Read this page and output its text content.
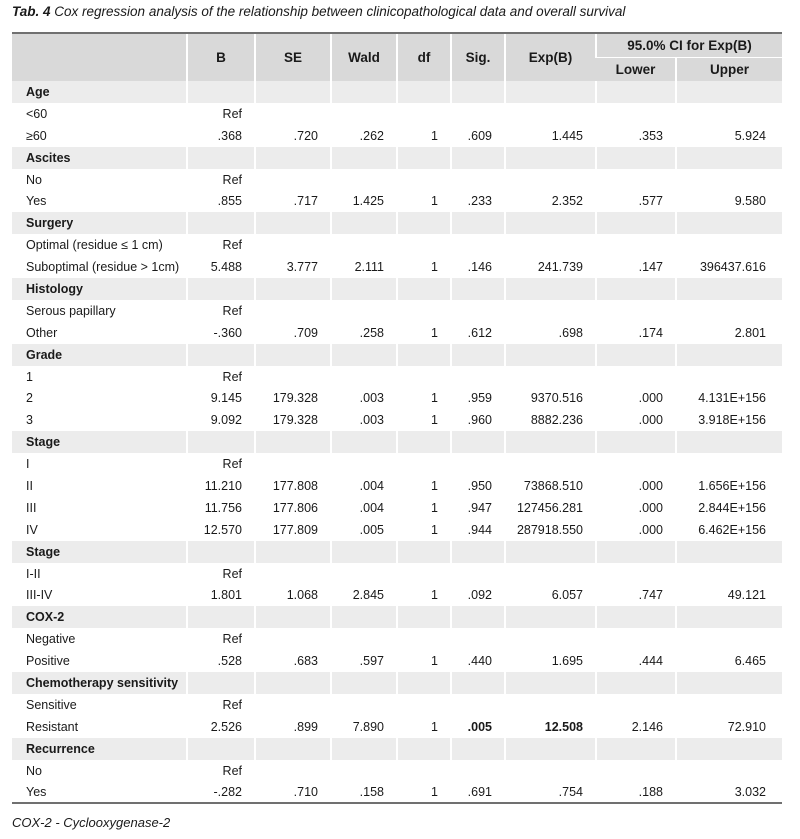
Tab. 4 Cox regression analysis of the relationship between clinicopathological data and overall survival
	B	SE	Wald	df	Sig.	Exp(B)	95.0% CI for Exp(B)	
							Lower	Upper
Age								
<60	Ref							
≥60	.368	.720	.262	1	.609	1.445	.353	5.924
Ascites								
No	Ref							
Yes	.855	.717	1.425	1	.233	2.352	.577	9.580
Surgery								
Optimal (residue ≤ 1 cm)	Ref							
Suboptimal (residue > 1cm)	5.488	3.777	2.111	1	.146	241.739	.147	396437.616
Histology								
Serous papillary	Ref							
Other	-.360	.709	.258	1	.612	.698	.174	2.801
Grade								
1	Ref							
2	9.145	179.328	.003	1	.959	9370.516	.000	4.131E+156
3	9.092	179.328	.003	1	.960	8882.236	.000	3.918E+156
Stage								
I	Ref							
II	11.210	177.808	.004	1	.950	73868.510	.000	1.656E+156
III	11.756	177.806	.004	1	.947	127456.281	.000	2.844E+156
IV	12.570	177.809	.005	1	.944	287918.550	.000	6.462E+156
Stage								
I-II	Ref							
III-IV	1.801	1.068	2.845	1	.092	6.057	.747	49.121
COX-2								
Negative	Ref							
Positive	.528	.683	.597	1	.440	1.695	.444	6.465
Chemotherapy sensitivity								
Sensitive	Ref							
Resistant	2.526	.899	7.890	1	.005	12.508	2.146	72.910
Recurrence								
No	Ref							
Yes	-.282	.710	.158	1	.691	.754	.188	3.032
COX-2 - Cyclooxygenase-2
